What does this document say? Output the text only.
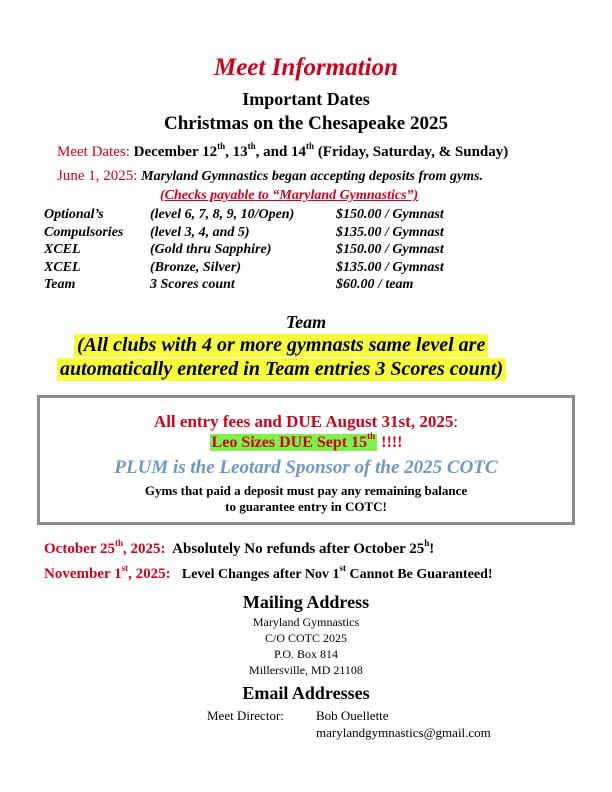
Meet Information
Important Dates
Christmas on the Chesapeake 2025
Meet Dates: December 12th, 13th, and 14th (Friday, Saturday, & Sunday)
June 1, 2025: Maryland Gymnastics began accepting deposits from gyms.
(Checks payable to “Maryland Gymnastics”)
Optional’s	(level 6, 7, 8, 9, 10/Open)	$150.00 / Gymnast
Compulsories (level 3, 4, and 5)	$135.00 / Gymnast
XCEL	(Gold thru Sapphire)	$150.00 / Gymnast
XCEL	(Bronze, Silver)	$135.00 / Gymnast
Team	3 Scores count	$60.00 / team
Team
(All clubs with 4 or more gymnasts same level are
automatically entered in Team entries 3 Scores count)
All entry fees and DUE August 31st, 2025:
Leo Sizes DUE Sept 15th !!!!
PLUM is the Leotard Sponsor of the 2025 COTC
Gyms that paid a deposit must pay any remaining balance
to guarantee entry in COTC!
October 25th, 2025: Absolutely No refunds after October 25$^h$!
November 1st, 2025: Level Changes after Nov 1st Cannot Be Guaranteed!
Mailing Address
Maryland Gymnastics
C/O COTC 2025
P.O. Box 814
Millersville, MD 21108
Email Addresses
Meet Director: Bob Ouellette
marylandgymnastics@gmail.com
